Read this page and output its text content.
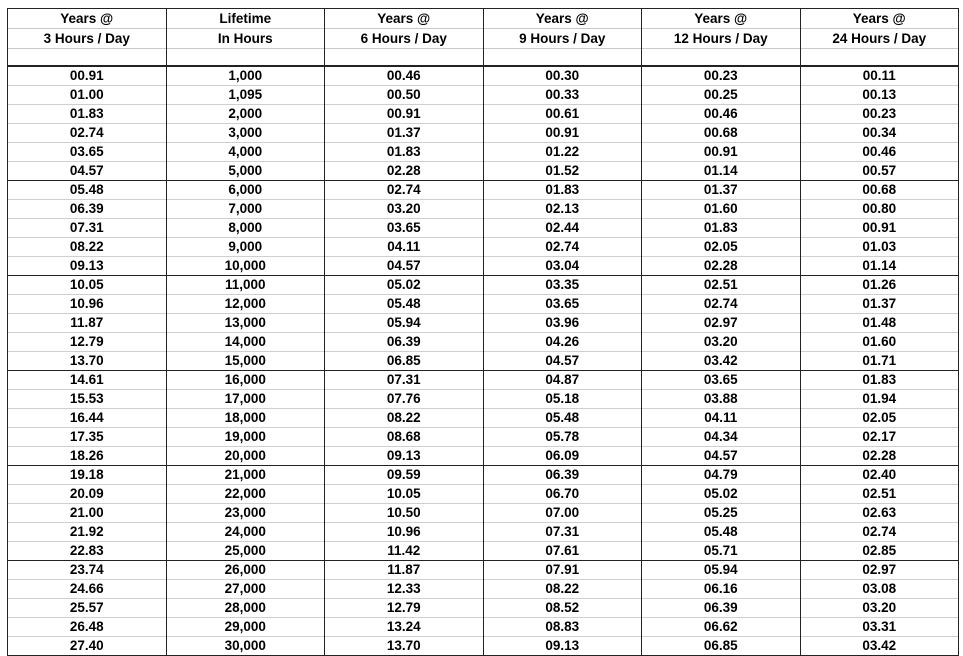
Years @	Lifetime	Years @	Years @	Years @	Years @
3 Hours / Day	In Hours	6 Hours / Day	9 Hours / Day	12 Hours / Day	24 Hours / Day

00.91	1,000	00.46	00.30	00.23	00.11
01.00	1,095	00.50	00.33	00.25	00.13
01.83	2,000	00.91	00.61	00.46	00.23
02.74	3,000	01.37	00.91	00.68	00.34
03.65	4,000	01.83	01.22	00.91	00.46
04.57	5,000	02.28	01.52	01.14	00.57
05.48	6,000	02.74	01.83	01.37	00.68
06.39	7,000	03.20	02.13	01.60	00.80
07.31	8,000	03.65	02.44	01.83	00.91
08.22	9,000	04.11	02.74	02.05	01.03
09.13	10,000	04.57	03.04	02.28	01.14
10.05	11,000	05.02	03.35	02.51	01.26
10.96	12,000	05.48	03.65	02.74	01.37
11.87	13,000	05.94	03.96	02.97	01.48
12.79	14,000	06.39	04.26	03.20	01.60
13.70	15,000	06.85	04.57	03.42	01.71
14.61	16,000	07.31	04.87	03.65	01.83
15.53	17,000	07.76	05.18	03.88	01.94
16.44	18,000	08.22	05.48	04.11	02.05
17.35	19,000	08.68	05.78	04.34	02.17
18.26	20,000	09.13	06.09	04.57	02.28
19.18	21,000	09.59	06.39	04.79	02.40
20.09	22,000	10.05	06.70	05.02	02.51
21.00	23,000	10.50	07.00	05.25	02.63
21.92	24,000	10.96	07.31	05.48	02.74
22.83	25,000	11.42	07.61	05.71	02.85
23.74	26,000	11.87	07.91	05.94	02.97
24.66	27,000	12.33	08.22	06.16	03.08
25.57	28,000	12.79	08.52	06.39	03.20
26.48	29,000	13.24	08.83	06.62	03.31
27.40	30,000	13.70	09.13	06.85	03.42
